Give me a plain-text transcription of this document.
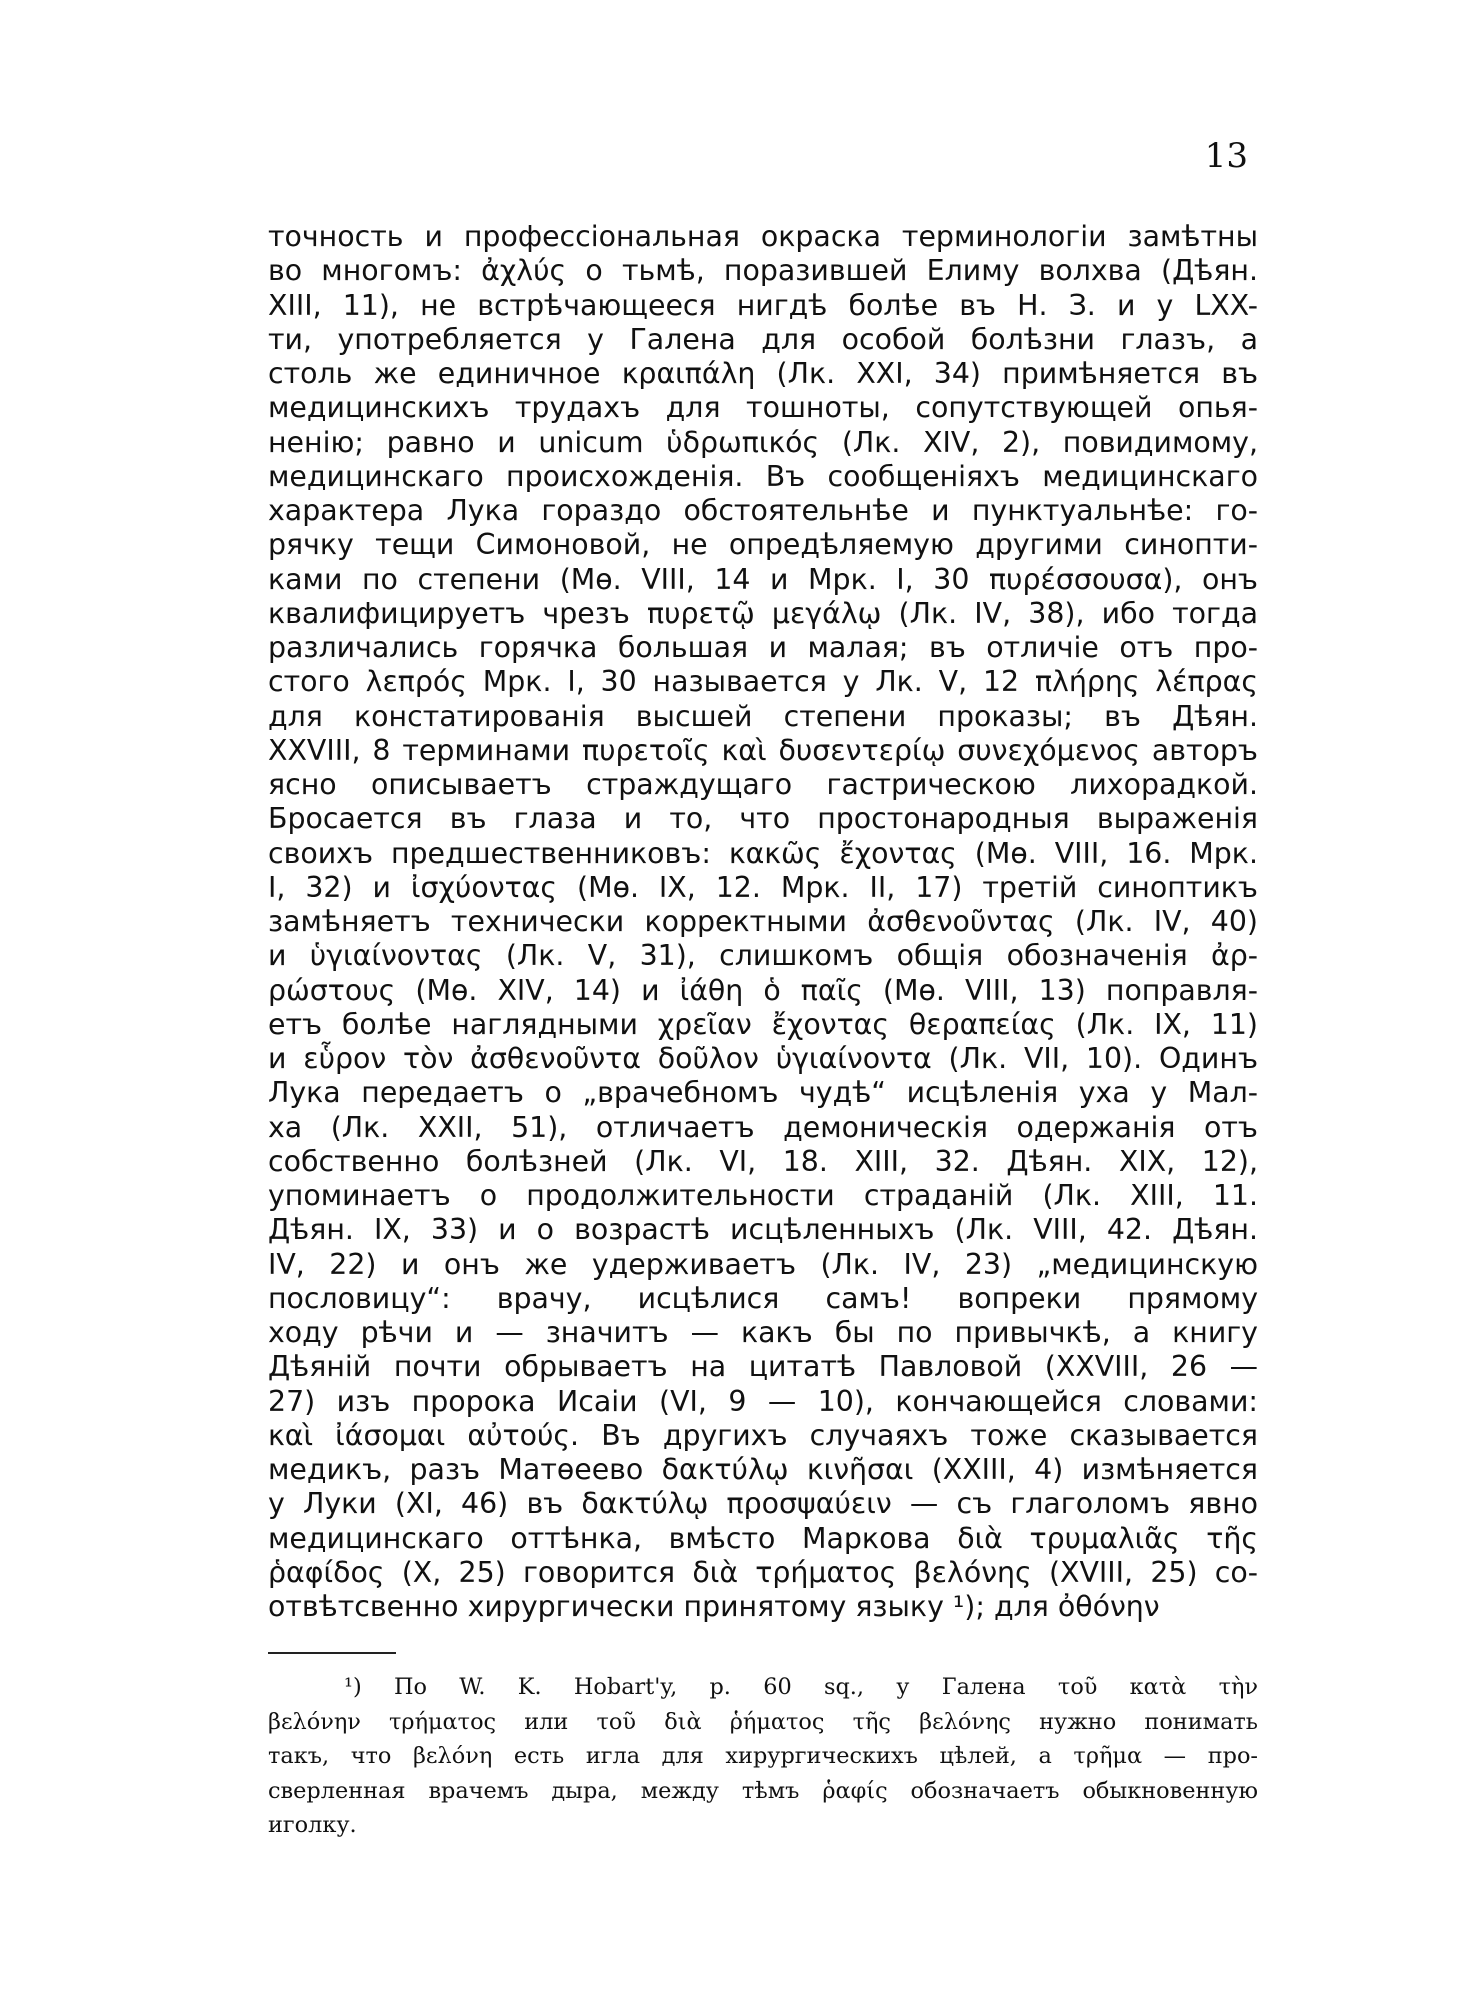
13
точность и профессіональная окраска терминологіи замѣтны
во многомъ: ἀχλύς о тьмѣ, поразившей Елиму волхва (Дѣян.
XIII, 11), не встрѣчающееся нигдѣ болѣе въ Н. З. и у LXX-
ти, употребляется у Галена для особой болѣзни глазъ, а
столь же единичное κραιπάλη (Лк. XXI, 34) примѣняется въ
медицинскихъ трудахъ для тошноты, сопутствующей опья-
ненію; равно и unicum ὑδρωπικός (Лк. XIV, 2), повидимому,
медицинскаго происхожденія. Въ сообщеніяхъ медицинскаго
характера Лука гораздо обстоятельнѣе и пунктуальнѣе: го-
рячку тещи Симоновой, не опредѣляемую другими синопти-
ками по степени (Мѳ. VIII, 14 и Мрк. I, 30 πυρέσσουσα), онъ
квалифицируетъ чрезъ πυρετῷ μεγάλῳ (Лк. IV, 38), ибо тогда
различались горячка большая и малая; въ отличіе отъ про-
стого λεπρός Мрк. I, 30 называется у Лк. V, 12 πλήρης λέπρας
для констатированія высшей степени проказы; въ Дѣян.
XXVIII, 8 терминами πυρετοῖς καὶ δυσεντερίῳ συνεχόμενος авторъ
ясно описываетъ страждущаго гастрическою лихорадкой.
Бросается въ глаза и то, что простонародныя выраженія
своихъ предшественниковъ: κακῶς ἔχοντας (Мѳ. VIII, 16. Мрк.
I, 32) и ἰσχύοντας (Мѳ. IX, 12. Мрк. II, 17) третій синоптикъ
замѣняетъ технически корректными ἀσθενοῦντας (Лк. IV, 40)
и ὑγιαίνοντας (Лк. V, 31), слишкомъ общія обозначенія ἀρ-
ρώστους (Мѳ. XIV, 14) и ἰάθη ὁ παῖς (Мѳ. VIII, 13) поправля-
етъ болѣе наглядными χρεῖαν ἔχοντας θεραπείας (Лк. IX, 11)
и εὗρον τὸν ἀσθενοῦντα δοῦλον ὑγιαίνοντα (Лк. VII, 10). Одинъ
Лука передаетъ о „врачебномъ чудѣ“ исцѣленія уха у Мал-
ха (Лк. XXII, 51), отличаетъ демоническія одержанія отъ
собственно болѣзней (Лк. VI, 18. XIII, 32. Дѣян. XIX, 12),
упоминаетъ о продолжительности страданій (Лк. XIII, 11.
Дѣян. IX, 33) и о возрастѣ исцѣленныхъ (Лк. VIII, 42. Дѣян.
IV, 22) и онъ же удерживаетъ (Лк. IV, 23) „медицинскую
пословицу“: врачу, исцѣлися самъ! вопреки прямому
ходу рѣчи и — значитъ — какъ бы по привычкѣ, а книгу
Дѣяній почти обрываетъ на цитатѣ Павловой (XXVIII, 26 —
27) изъ пророка Исаіи (VI, 9 — 10), кончающейся словами:
καὶ ἰάσομαι αὐτούς. Въ другихъ случаяхъ тоже сказывается
медикъ, разъ Матѳеево δακτύλῳ κινῆσαι (XXIII, 4) измѣняется
у Луки (XI, 46) въ δακτύλῳ προσψαύειν — съ глаголомъ явно
медицинскаго оттѣнка, вмѣсто Маркова διὰ τρυμαλιᾶς τῆς
ῥαφίδος (X, 25) говорится διὰ τρήματος βελόνης (XVIII, 25) со-
отвѣтсвенно хирургически принятому языку ¹); для ὀθόνην
¹) По W. K. Hobart'y, p. 60 sq., у Галена τοῦ κατὰ τὴν
βελόνην τρήματος или τοῦ διὰ ῥήματος τῆς βελόνης нужно понимать
такъ, что βελόνη есть игла для хирургическихъ цѣлей, а τρῆμα — про-
сверленная врачемъ дыра, между тѣмъ ῥαφίς обозначаетъ обыкновенную
иголку.
